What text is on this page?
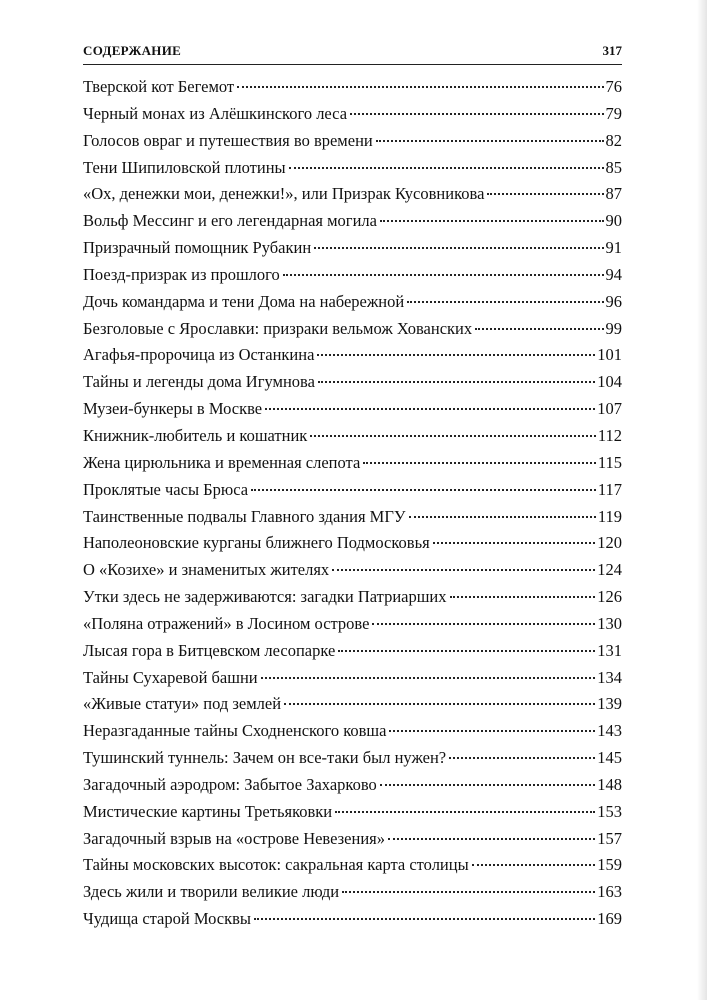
СОДЕРЖАНИЕ	317
Тверской кот Бегемот	76
Черный монах из Алёшкинского леса	79
Голосов овраг и путешествия во времени	82
Тени Шипиловской плотины	85
«Ох, денежки мои, денежки!», или Призрак Кусовникова	87
Вольф Мессинг и его легендарная могила	90
Призрачный помощник Рубакин	91
Поезд-призрак из прошлого	94
Дочь командарма и тени Дома на набережной	96
Безголовые с Ярославки: призраки вельмож Хованских	99
Агафья-пророчица из Останкина	101
Тайны и легенды дома Игумнова	104
Музеи-бункеры в Москве	107
Книжник-любитель и кошатник	112
Жена цирюльника и временная слепота	115
Проклятые часы Брюса	117
Таинственные подвалы Главного здания МГУ	119
Наполеоновские курганы ближнего Подмосковья	120
О «Козихе» и знаменитых жителях	124
Утки здесь не задерживаются: загадки Патриарших	126
«Поляна отражений» в Лосином острове	130
Лысая гора в Битцевском лесопарке	131
Тайны Сухаревой башни	134
«Живые статуи» под землей	139
Неразгаданные тайны Сходненского ковша	143
Тушинский туннель: Зачем он все-таки был нужен?	145
Загадочный аэродром: Забытое Захарково	148
Мистические картины Третьяковки	153
Загадочный взрыв на «острове Невезения»	157
Тайны московских высоток: сакральная карта столицы	159
Здесь жили и творили великие люди	163
Чудища старой Москвы	169
